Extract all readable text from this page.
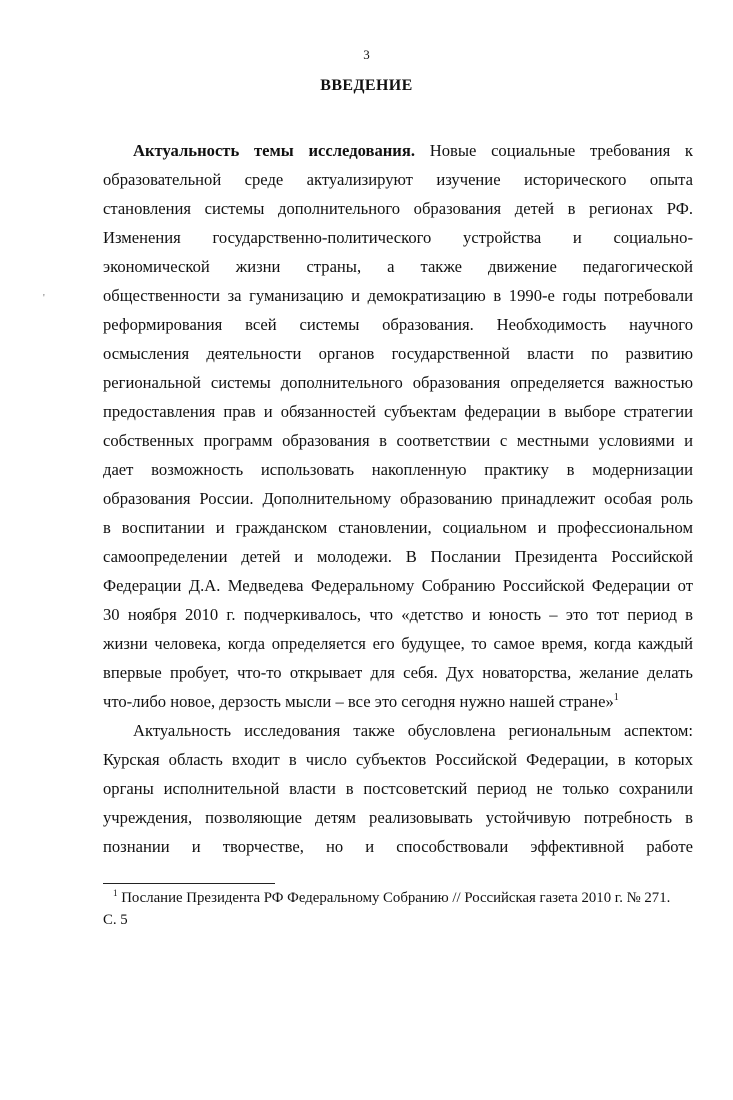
3
'
ВВЕДЕНИЕ
Актуальность темы исследования. Новые социальные требования к
образовательной среде актуализируют изучение исторического опыта
становления системы дополнительного образования детей в регионах РФ.
Изменения государственно-политического устройства и социально-
экономической жизни страны, а также движение педагогической
общественности за гуманизацию и демократизацию в 1990-е годы потребовали
реформирования всей системы образования. Необходимость научного
осмысления деятельности органов государственной власти по развитию
региональной системы дополнительного образования определяется важностью
предоставления прав и обязанностей субъектам федерации в выборе стратегии
собственных программ образования в соответствии с местными условиями и
дает возможность использовать накопленную практику в модернизации
образования России. Дополнительному образованию принадлежит особая роль
в воспитании и гражданском становлении, социальном и профессиональном
самоопределении детей и молодежи. В Послании Президента Российской
Федерации Д.А. Медведева Федеральному Собранию Российской Федерации от
30 ноября 2010 г. подчеркивалось, что «детство и юность – это тот период в
жизни человека, когда определяется его будущее, то самое время, когда каждый
впервые пробует, что-то открывает для себя. Дух новаторства, желание делать
что-либо новое, дерзость мысли – все это сегодня нужно нашей стране»$^1$
Актуальность исследования также обусловлена региональным аспектом:
Курская область входит в число субъектов Российской Федерации, в которых
органы исполнительной власти в постсоветский период не только сохранили
учреждения, позволяющие детям реализовывать устойчивую потребность в
познании и творчестве, но и способствовали эффективной работе
$^1$ Послание Президента РФ Федеральному Собранию // Российская газета 2010 г. № 271.
С. 5
